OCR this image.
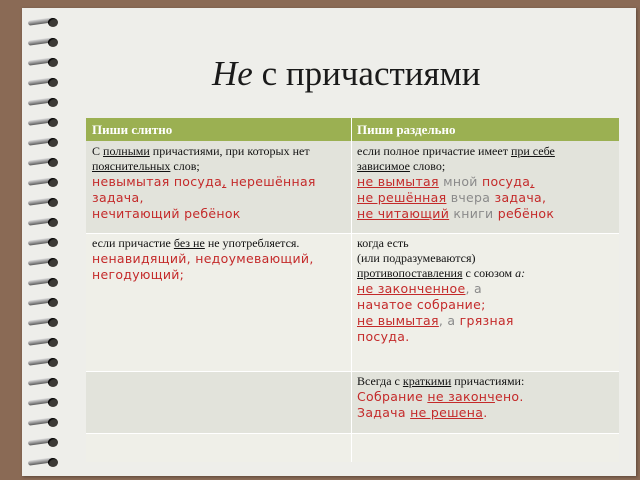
Не с причастиями
Пиши слитно	Пиши раздельно
С полными причастиями, при которых нет
пояснительных слов;
невымытая посуда, нерешённая задача,
нечитающий ребёнок
если полное причастие имеет при себе
зависимое слово;
не вымытая мной посуда,
не решённая вчера задача,
не читающий книги ребёнок
если причастие без не не употребляется.
ненавидящий, недоумевающий, негодующий;
когда есть
(или подразумеваются)
противопоставления с союзом а:
не законченное, а
начатое собрание;
не вымытая, а грязная
посуда.
Всегда с краткими причастиями:
Собрание не закончено.
Задача не решена.
